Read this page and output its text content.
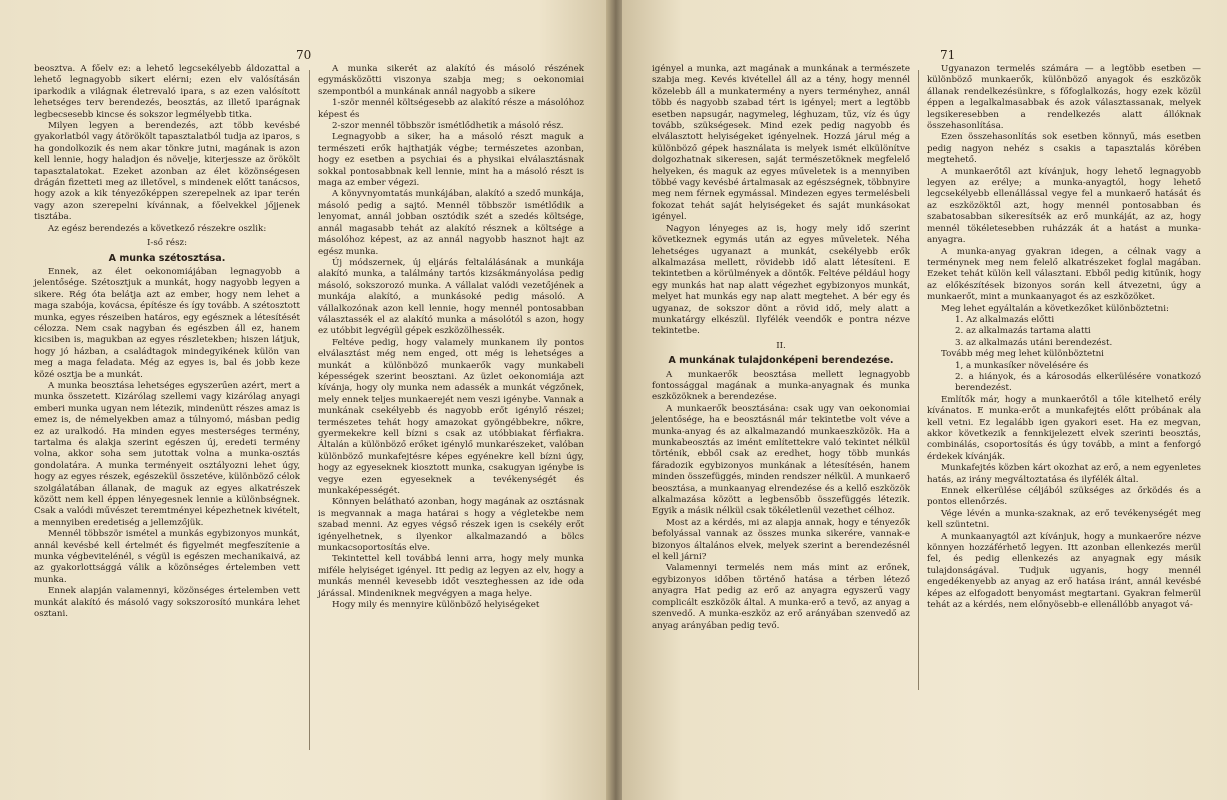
70

beosztva. A főelv ez: a lehető legcsekélyebb áldozattal a lehető legnagyobb sikert elérni; ezen elv valósításán iparkodik a világnak életrevaló ipara, s az ezen valósított lehetséges terv berendezés, beosztás, az illető iparágnak legbecsesebb kincse és sokszor legmélyebb titka.

Milyen legyen a berendezés, azt több kevésbé gyakorlatból vagy átörökölt tapasztalatból tudja az iparos, s ha gondolkozik és nem akar tönkre jutni, magának is azon kell lennie, hogy haladjon és növelje, kiterjessze az örökölt tapasztalatokat. Ezeket azonban az élet közönségesen drágán fizetteti meg az illetővel, s mindenek előtt tanácsos, hogy azok a kik tényezőképpen szerepelnek az ipar terén vagy azon szerepelni kívánnak, a főelvekkel jőjjenek tisztába.

Az egész berendezés a következő részekre oszlik:

I-ső rész:

A munka szétosztása.

Ennek, az élet oekonomiájában legnagyobb a jelentősége. Szétosztjuk a munkát, hogy nagyobb legyen a sikere. Rég óta belátja azt az ember, hogy nem lehet a maga szabója, kovácsa, építésze és így tovább. A szétosztott munka, egyes részeiben határos, egy egésznek a létesítését célozza. Nem csak nagyban és egészben áll ez, hanem kicsiben is, magukban az egyes részletekben; hiszen látjuk, hogy jó házban, a családtagok mindegyikének külön van meg a maga feladata. Még az egyes is, bal és jobb keze közé osztja be a munkát.

A munka beosztása lehetséges egyszerűen azért, mert a munka összetett. Kizárólag szellemi vagy kizárólag anyagi emberi munka ugyan nem létezik, mindenütt részes amaz is emez is, de némelyekben amaz a túlnyomó, másban pedig ez az uralkodó. Ha minden egyes mesterséges termény, tartalma és alakja szerint egészen új, eredeti termény volna, akkor soha sem jutottak volna a munka-osztás gondolatára. A munka terményeit osztályozni lehet úgy, hogy az egyes részek, egészekül összetéve, különböző célok szolgálatában állanak, de maguk az egyes alkatrészek között nem kell éppen lényegesnek lennie a különbségnek. Csak a valódi művészet teremtményei képezhetnek kivételt, a mennyiben eredetiség a jellemzőjük.

Mennél többször ismétel a munkás egybizonyos munkát, annál kevésbé kell értelmét és figyelmét megfeszítenie a munka végbevitelénél, s végül is egészen mechanikaivá, az az gyakorlottsággá válik a közönséges értelemben vett munka.

Ennek alapján valamennyi, közönséges értelemben vett munkát alakító és másoló vagy sokszorosító munkára lehet osztani.

A munka sikerét az alakító és másoló részének egymásközötti viszonya szabja meg; s oekonomiai szempontból a munkának annál nagyobb a sikere

1-ször mennél költségesebb az alakító része a másolóhoz képest és

2-szor mennél többször ismétlődhetik a másoló rész.

Legnagyobb a siker, ha a másoló részt maguk a természeti erők hajthatják végbe; természetes azonban, hogy ez esetben a psychiai és a physikai elválasztásnak sokkal pontosabbnak kell lennie, mint ha a másoló részt is maga az ember végezi.

A könyvnyomtatás munkájában, alakító a szedő munkája, másoló pedig a sajtó. Mennél többször ismétlődik a lenyomat, annál jobban osztódik szét a szedés költsége, annál magasabb tehát az alakító résznek a költsége a másolóhoz képest, az az annál nagyobb hasznot hajt az egész munka.

Új módszernek, új eljárás feltalálásának a munkája alakító munka, a találmány tartós kizsákmányolása pedig másoló, sokszorozó munka. A vállalat valódi vezetőjének a munkája alakító, a munkásoké pedig másoló. A vállalkozónak azon kell lennie, hogy mennél pontosabban választassék el az alakító munka a másolótól s azon, hogy ez utóbbit legvégül gépek eszközölhessék.

Feltéve pedig, hogy valamely munkanem ily pontos elválasztást még nem enged, ott még is lehetséges a munkát a különböző munkaerők vagy munkabeli képességek szerint beosztani. Az üzlet oekonomiája azt kívánja, hogy oly munka nem adassék a munkát végzőnek, mely ennek teljes munkaerejét nem veszi igénybe. Vannak a munkának csekélyebb és nagyobb erőt igénylő részei; természetes tehát hogy amazokat gyöngébbekre, nőkre, gyermekekre kell bízni s csak az utóbbiakat férfiakra. Általán a különböző erőket igénylő munkarészeket, valóban különböző munkafejtésre képes egyénekre kell bízni úgy, hogy az egyeseknek kiosztott munka, csakugyan igénybe is vegye ezen egyeseknek a tevékenységét és munkaképességét.

Könnyen belátható azonban, hogy magának az osztásnak is megvannak a maga határai s hogy a végletekbe nem szabad menni. Az egyes végső részek igen is csekély erőt igényelhetnek, s ilyenkor alkalmazandó a bölcs munkacsoportosítás elve.

Tekintettel kell továbbá lenni arra, hogy mely munka miféle helyiséget igényel. Itt pedig az legyen az elv, hogy a munkás mennél kevesebb időt veszteghessen az ide oda járással. Mindeniknek megvégyen a maga helye.

Hogy mily és mennyire különböző helyiségeket

71

igényel a munka, azt magának a munkának a természete szabja meg. Kevés kivétellel áll az a tény, hogy mennél közelebb áll a munkatermény a nyers terményhez, annál több és nagyobb szabad tért is igényel; mert a legtöbb esetben napsugár, nagymeleg, léghuzam, tűz, víz és úgy tovább, szükségesek. Mind ezek pedig nagyobb és elválasztott helyiségeket igényelnek. Hozzá járul még a különböző gépek használata is melyek ismét elkülönítve dolgozhatnak sikeresen, saját természetöknek megfelelő helyeken, és maguk az egyes műveletek is a mennyiben többé vagy kevésbé ártalmasak az egészségnek, többnyire meg nem férnek egymással. Mindezen egyes termelésbeli fokozat tehát saját helyiségeket és saját munkásokat igényel.

Nagyon lényeges az is, hogy mely idő szerint következnek egymás után az egyes műveletek. Néha lehetséges ugyanazt a munkát, csekélyebb erők alkalmazása mellett, rövidebb idő alatt létesíteni. E tekintetben a körülmények a döntők. Feltéve például hogy egy munkás hat nap alatt végezhet egybizonyos munkát, melyet hat munkás egy nap alatt megtehet. A bér egy és ugyanaz, de sokszor dönt a rövid idő, mely alatt a munkatárgy elkészül. Ilyfélék veendők e pontra nézve tekintetbe.

II.

A munkának tulajdonképeni berendezése.

A munkaerők beosztása mellett legnagyobb fontossággal magának a munka-anyagnak és munka eszközöknek a berendezése.

A munkaerők beosztásána: csak ugy van oekonomiai jelentősége, ha e beosztásnál már tekintetbe volt véve a munka-anyag és az alkalmazandó munkaeszközök. Ha a munkabeosztás az imént említettekre való tekintet nélkül történik, ebből csak az eredhet, hogy több munkás fáradozik egybizonyos munkának a létesítésén, hanem minden összefüggés, minden rendszer nélkül. A munkaerő beosztása, a munkaanyag elrendezése és a kellő eszközök alkalmazása között a legbensőbb összefüggés létezik. Egyik a másik nélkül csak tökéletlenül vezethet célhoz.

Most az a kérdés, mi az alapja annak, hogy e tényezők befolyással vannak az összes munka sikerére, vannak-e bizonyos általános elvek, melyek szerint a berendezésnél el kell járni?

Valamennyi termelés nem más mint az erőnek, egybizonyos időben történő hatása a térben létező anyagra Hat pedig az erő az anyagra egyszerű vagy complicált eszközök által. A munka-erő a tevő, az anyag a szenvedő. A munka-eszköz az erő arányában szenvedő az anyag arányában pedig tevő.

Ugyanazon termelés számára — a legtöbb esetben — különböző munkaerők, különböző anyagok és eszközök állanak rendelkezésünkre, s főfoglalkozás, hogy ezek közül éppen a legalkalmasabbak és azok választassanak, melyek legsikeresebben a rendelkezés alatt állóknak összehasonlítása.

Ezen összehasonlítás sok esetben könnyű, más esetben pedig nagyon nehéz s csakis a tapasztalás körében megtehető.

A munkaerőtől azt kívánjuk, hogy lehető legnagyobb legyen az erélye; a munka-anyagtól, hogy lehető legcsekélyebb ellenállással vegye fel a munkaerő hatását és az eszközöktől azt, hogy mennél pontosabban és szabatosabban sikeresítsék az erő munkáját, az az, hogy mennél tökéletesebben ruházzák át a hatást a munka-anyagra.

A munka-anyag gyakran idegen, a célnak vagy a terménynek meg nem felelő alkatrészeket foglal magában. Ezeket tehát külön kell választani. Ebből pedig kitűnik, hogy az előkészítések bizonyos során kell átvezetni, úgy a munkaerőt, mint a munkaanyagot és az eszközöket.

Meg lehet egyáltalán a következőket különböztetni:

1. Az alkalmazás előtti

2. az alkalmazás tartama alatti

3. az alkalmazás utáni berendezést.

Tovább még meg lehet különböztetni

1, a munkasíker növelésére és

2. a hiányok, és a károsodás elkerülésére vonatkozó berendezést.

Említők már, hogy a munkaerőtől a tőle kitelhető erély kívánatos. E munka-erőt a munkafejtés előtt próbának ala kell vetni. Ez legalább igen gyakori eset. Ha ez megvan, akkor következik a fennkijelezett elvek szerinti beosztás, combinálás, csoportosítás és úgy tovább, a mint a fenforgó érdekek kívánják.

Munkafejtés közben kárt okozhat az erő, a nem egyenletes hatás, az irány megváltoztatása és ilyfélék által.

Ennek elkerülése céljából szükséges az őrködés és a pontos ellenőrzés.

Vége lévén a munka-szaknak, az erő tevékenységét meg kell szüntetni.

A munkaanyagtól azt kívánjuk, hogy a munkaerőre nézve könnyen hozzáférhető legyen. Itt azonban ellenkezés merül fel, és pedig ellenkezés az anyagnak egy másik tulajdonságával. Tudjuk ugyanis, hogy mennél engedékenyebb az anyag az erő hatása iránt, annál kevésbé képes az elfogadott benyomást megtartani. Gyakran felmerül tehát az a kérdés, nem előnyösebb-e ellenállóbb anyagot vá-
